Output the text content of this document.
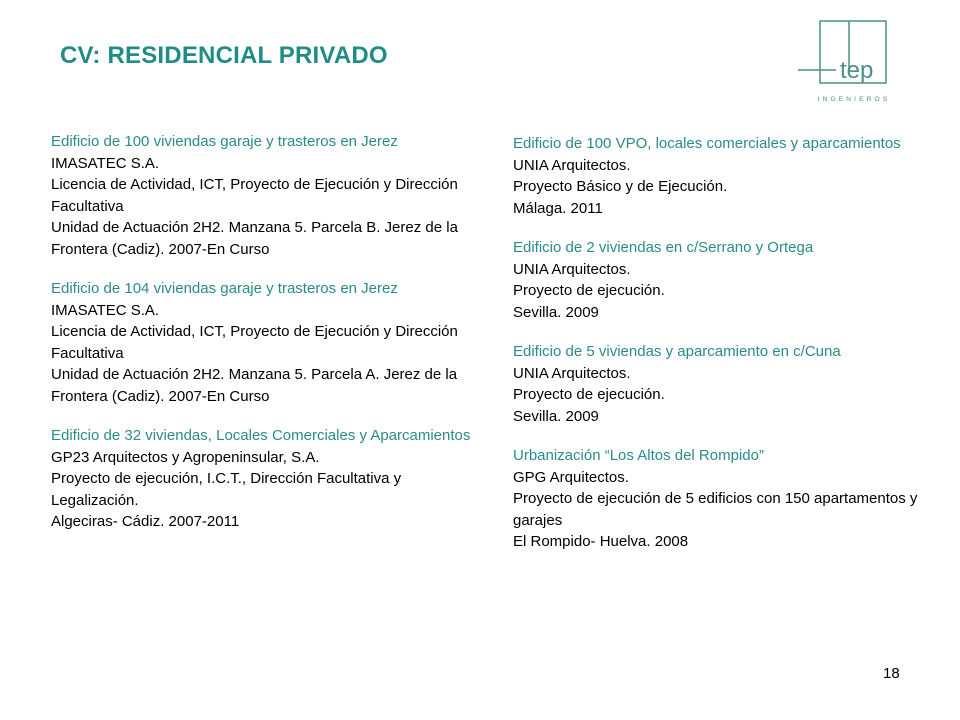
CV: RESIDENCIAL PRIVADO
tep
INGENIEROS
Edificio de 100 viviendas garaje y trasteros en Jerez
IMASATEC S.A.
Licencia de Actividad, ICT, Proyecto de Ejecución y Dirección Facultativa
Unidad de Actuación 2H2. Manzana 5. Parcela B. Jerez de la Frontera (Cadiz). 2007-En Curso
Edificio de 104 viviendas garaje y trasteros en Jerez
IMASATEC S.A.
Licencia de Actividad, ICT, Proyecto de Ejecución y Dirección Facultativa
Unidad de Actuación 2H2. Manzana 5. Parcela A. Jerez de la Frontera (Cadiz). 2007-En Curso
Edificio de 32 viviendas, Locales Comerciales y Aparcamientos
GP23 Arquitectos y Agropeninsular, S.A.
Proyecto de ejecución, I.C.T., Dirección Facultativa y Legalización.
Algeciras- Cádiz. 2007-2011
Edificio de 100 VPO, locales comerciales y aparcamientos
UNIA Arquitectos.
Proyecto Básico y de Ejecución.
Málaga. 2011
Edificio de 2 viviendas en c/Serrano y Ortega
UNIA Arquitectos.
Proyecto de ejecución.
Sevilla. 2009
Edificio de 5 viviendas y aparcamiento en c/Cuna
UNIA Arquitectos.
Proyecto de ejecución.
Sevilla. 2009
Urbanización “Los Altos del Rompido”
GPG Arquitectos.
Proyecto de ejecución de 5 edificios con 150 apartamentos y garajes
El Rompido- Huelva. 2008
18
